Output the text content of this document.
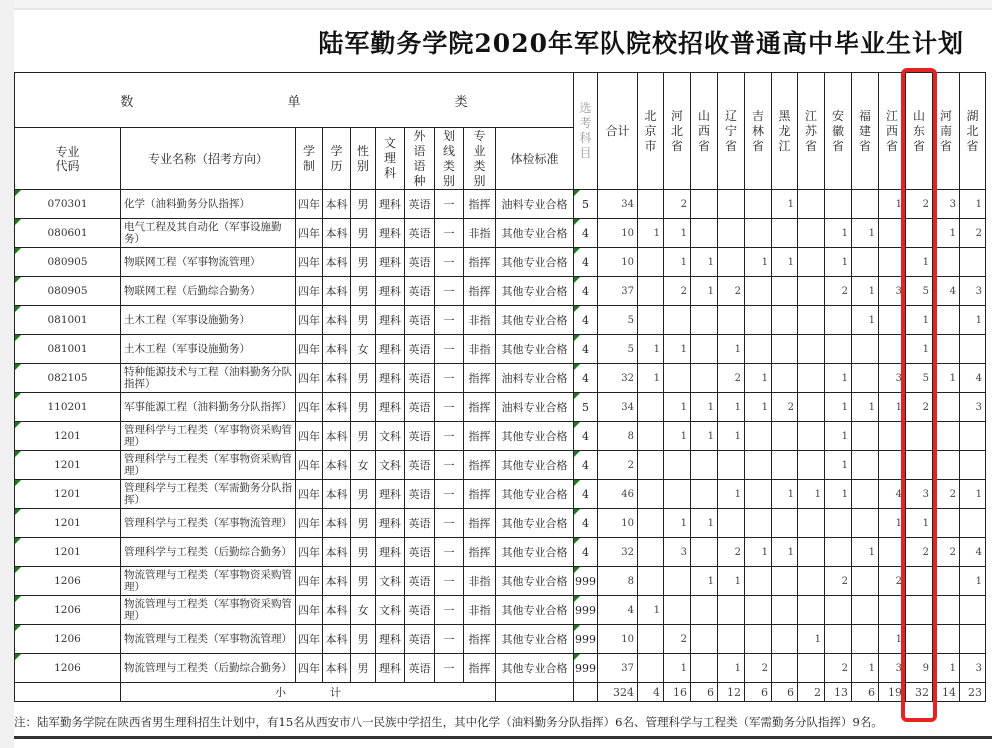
陆军勤务学院2020年军队院校招收普通高中毕业生计划
数 单 类										选考科目	合计	北京市	河北省	山西省	辽宁省	吉林省	黑龙江	江苏省	安徽省	福建省	江西省	山东省	河南省	湖北省
专业
代码	专业名称（招考方向）	学制	学历	性别	文理科	外语语种	划线类别	专业类别	体检标准															
070301	化学（油料勤务分队指挥）	四年	本科	男	理科	英语	一	指挥	油料专业合格	5	34		2				1				1	2	3	1
080601	电气工程及其自动化（军事设施勤务）	四年	本科	男	理科	英语	一	非指	其他专业合格	4	10	1	1						1	1			1	2
080905	物联网工程（军事物流管理）	四年	本科	男	理科	英语	一	指挥	其他专业合格	4	10		1	1		1	1		1			1		
080905	物联网工程（后勤综合勤务）	四年	本科	男	理科	英语	一	指挥	其他专业合格	4	37		2	1	2				2	1	3	5	4	3
081001	土木工程（军事设施勤务）	四年	本科	男	理科	英语	一	非指	其他专业合格	4	5									1		1		1
081001	土木工程（军事设施勤务）	四年	本科	女	理科	英语	一	非指	其他专业合格	4	5	1	1		1							1		
082105	特种能源技术与工程（油料勤务分队指挥）	四年	本科	男	理科	英语	一	指挥	油料专业合格	4	32	1			2	1			1		3	5	1	4
110201	军事能源工程（油料勤务分队指挥）	四年	本科	男	理科	英语	一	指挥	油料专业合格	5	34		1	1	1	1	2		1	1	1	2		3
1201	管理科学与工程类（军事物资采购管理）	四年	本科	男	文科	英语	一	指挥	其他专业合格	4	8		1	1	1				1					
1201	管理科学与工程类（军事物资采购管理）	四年	本科	女	文科	英语	一	指挥	其他专业合格	4	2								1					
1201	管理科学与工程类（军需勤务分队指挥）	四年	本科	男	理科	英语	一	指挥	其他专业合格	4	46				1		1	1	1		4	3	2	1
1201	管理科学与工程类（军事物流管理）	四年	本科	男	理科	英语	一	指挥	其他专业合格	4	10		1	1							1	1		
1201	管理科学与工程类（后勤综合勤务）	四年	本科	男	理科	英语	一	指挥	其他专业合格	4	32		3		2	1	1			1		2	2	4
1206	物流管理与工程类（军事物资采购管理）	四年	本科	男	文科	英语	一	非指	其他专业合格	999	8			1	1				2		2			1
1206	物流管理与工程类（军事物资采购管理）	四年	本科	女	文科	英语	一	非指	其他专业合格	999	4	1												
1206	物流管理与工程类（军事物流管理）	四年	本科	男	理科	英语	一	指挥	其他专业合格	999	10		2					1			1			
1206	物流管理与工程类（后勤综合勤务）	四年	本科	男	理科	英语	一	指挥	其他专业合格	999	37		1		1	2			2	1	3	9	1	3
	小　　　　计										324	4	16	6	12	6	6	2	13	6	19	32	14	23
注：陆军勤务学院在陕西省男生理科招生计划中，有15名从西安市八一民族中学招生，其中化学（油料勤务分队指挥）6名、管理科学与工程类（军需勤务分队指挥）9名。
